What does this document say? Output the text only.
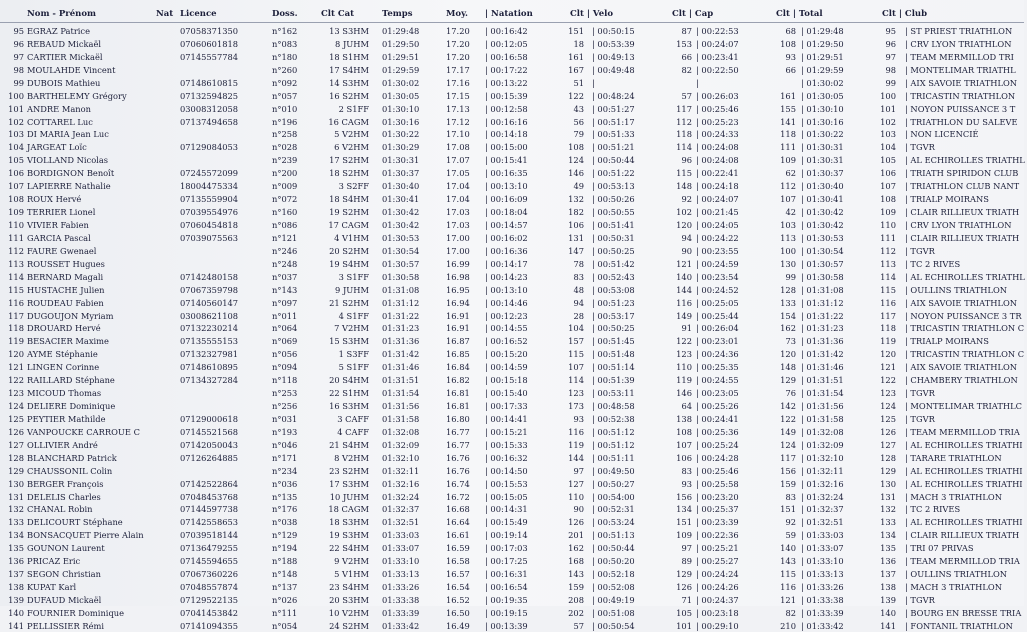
Nom - Prénom	Nat Licence	Doss.	Clt Cat	Temps	Moy.	| Natation	Clt | Velo	Clt | Cap	Clt | Total	Clt | Club
95 EGRAZ Patrice	07058371350	n°162	13 S3HM 01:29:48	17.20	| 00:16:42	151 | 00:50:15	87 | 00:22:53	68 | 01:29:48	95 | ST PRIEST TRIATHLON
96 REBAUD Mickaël	07060601818	n°083	8 JUHM 01:29:50	17.20	| 00:12:05	18 | 00:53:39	153 | 00:24:07	108 | 01:29:50	96 | CRV LYON TRIATHLON
97 CARTIER Mickaël	07145557784	n°180	18 S1HM 01:29:51	17.20	| 00:16:58	161 | 00:49:13	66 | 00:23:41	93 | 01:29:51	97 | TEAM MERMILLOD TRI
98 MOULAHDE Vincent	n°260	17 S4HM 01:29:59	17.17	| 00:17:22	167 | 00:49:48	82 | 00:22:50	66 | 01:29:59	98 | MONTELIMAR TRIATHL
99 DUBOIS Mathieu	07148610815	n°092	14 S3HM 01:30:02	17.16	| 00:13:22	51 |	|	| 01:30:02	99 | AIX SAVOIE TRIATHLON
100 BARTHELEMY Grégory	07132594825	n°057	16 S2HM 01:30:05	17.15	| 00:15:39	122 | 00:48:24	57 | 00:26:03	161 | 01:30:05	100 | TRICASTIN TRIATHLON
101 ANDRE Manon	03008312058	n°010	2 S1FF 01:30:10	17.13	| 00:12:58	43 | 00:51:27	117 | 00:25:46	155 | 01:30:10	101 | NOYON PUISSANCE 3 T
102 COTTAREL Luc	07137494658	n°196	16 CAGM 01:30:16	17.12	| 00:16:16	56 | 00:51:17	112 | 00:25:23	141 | 01:30:16	102 | TRIATHLON DU SALEVE
103 DI MARIA Jean Luc	n°258	5 V2HM 01:30:22	17.10	| 00:14:18	79 | 00:51:33	118 | 00:24:33	118 | 01:30:22	103 | NON LICENCIÉ
104 JARGEAT Loïc	07129084053	n°028	6 V2HM 01:30:29	17.08	| 00:15:00	108 | 00:51:21	114 | 00:24:08	111 | 01:30:31	104 | TGVR
105 VIOLLAND Nicolas	n°239	17 S2HM 01:30:31	17.07	| 00:15:41	124 | 00:50:44	96 | 00:24:08	109 | 01:30:31	105 | AL ECHIROLLES TRIATHL
106 BORDIGNON Benoît	07245572099	n°200	18 S2HM 01:30:37	17.05	| 00:16:35	146 | 00:51:22	115 | 00:22:41	62 | 01:30:37	106 | TRIATH SPIRIDON CLUB
107 LAPIERRE Nathalie	18004475334	n°009	3 S2FF 01:30:40	17.04	| 00:13:10	49 | 00:53:13	148 | 00:24:18	112 | 01:30:40	107 | TRIATHLON CLUB NANT
108 ROUX Hervé	07135559904	n°072	18 S4HM 01:30:41	17.04	| 00:16:09	132 | 00:50:26	92 | 00:24:07	107 | 01:30:41	108 | TRIALP MOIRANS
109 TERRIER Lionel	07039554976	n°160	19 S2HM 01:30:42	17.03	| 00:18:04	182 | 00:50:55	102 | 00:21:45	42 | 01:30:42	109 | CLAIR RILLIEUX TRIATH
110 VIVIER Fabien	07060454818	n°086	17 CAGM 01:30:42	17.03	| 00:14:57	106 | 00:51:41	120 | 00:24:05	103 | 01:30:42	110 | CRV LYON TRIATHLON
111 GARCIA Pascal	07039075563	n°121	4 V1HM 01:30:53	17.00	| 00:16:02	131 | 00:50:31	94 | 00:24:22	113 | 01:30:53	111 | CLAIR RILLIEUX TRIATH
112 FAURE Gwenael	n°246	20 S2HM 01:30:54	17.00	| 00:16:36	147 | 00:50:25	90 | 00:23:55	100 | 01:30:54	112 | TGVR
113 ROUSSET Hugues	n°248	19 S4HM 01:30:57	16.99	| 00:14:17	78 | 00:51:42	121 | 00:24:59	130 | 01:30:57	113 | TC 2 RIVES
114 BERNARD Magali	07142480158	n°037	3 S1FF 01:30:58	16.98	| 00:14:23	83 | 00:52:43	140 | 00:23:54	99 | 01:30:58	114 | AL ECHIROLLES TRIATHL
115 HUSTACHE Julien	07067359798	n°143	9 JUHM 01:31:08	16.95	| 00:13:10	48 | 00:53:08	144 | 00:24:52	128 | 01:31:08	115 | OULLINS TRIATHLON
116 ROUDEAU Fabien	07140560147	n°097	21 S2HM 01:31:12	16.94	| 00:14:46	94 | 00:51:23	116 | 00:25:05	133 | 01:31:12	116 | AIX SAVOIE TRIATHLON
117 DUGOUJON Myriam	03008621108	n°011	4 S1FF 01:31:22	16.91	| 00:12:23	28 | 00:53:17	149 | 00:25:44	154 | 01:31:22	117 | NOYON PUISSANCE 3 TR
118 DROUARD Hervé	07132230214	n°064	7 V2HM 01:31:23	16.91	| 00:14:55	104 | 00:50:25	91 | 00:26:04	162 | 01:31:23	118 | TRICASTIN TRIATHLON C
119 BESACIER Maxime	07135555153	n°069	15 S3HM 01:31:36	16.87	| 00:16:52	157 | 00:51:45	122 | 00:23:01	73 | 01:31:36	119 | TRIALP MOIRANS
120 AYME Stéphanie	07132327981	n°056	1 S3FF 01:31:42	16.85	| 00:15:20	115 | 00:51:48	123 | 00:24:36	120 | 01:31:42	120 | TRICASTIN TRIATHLON C
121 LINGEN Corinne	07148610895	n°094	5 S1FF 01:31:46	16.84	| 00:14:59	107 | 00:51:14	110 | 00:25:35	148 | 01:31:46	121 | AIX SAVOIE TRIATHLON
122 RAILLARD Stéphane	07134327284	n°118	20 S4HM 01:31:51	16.82	| 00:15:18	114 | 00:51:39	119 | 00:24:55	129 | 01:31:51	122 | CHAMBERY TRIATHLON
123 MICOUD Thomas	n°253	22 S1HM 01:31:54	16.81	| 00:15:40	123 | 00:53:11	146 | 00:23:05	76 | 01:31:54	123 | TGVR
124 DELIERE Dominique	n°256	16 S3HM 01:31:56	16.81	| 00:17:33	173 | 00:48:58	64 | 00:25:26	142 | 01:31:56	124 | MONTELIMAR TRIATHLC
125 PEYTIER Mathilde	07129000618	n°031	3 CAFF 01:31:58	16.80	| 00:14:41	93 | 00:52:38	138 | 00:24:41	122 | 01:31:58	125 | TGVR
126 VANPOUCKE CARROUE C	07145521568	n°193	4 CAFF 01:32:08	16.77	| 00:15:21	116 | 00:51:12	108 | 00:25:36	149 | 01:32:08	126 | TEAM MERMILLOD TRIA
127 OLLIVIER André	07142050043	n°046	21 S4HM 01:32:09	16.77	| 00:15:33	119 | 00:51:12	107 | 00:25:24	124 | 01:32:09	127 | AL ECHIROLLES TRIATHI
128 BLANCHARD Patrick	07126264885	n°171	8 V2HM 01:32:10	16.76	| 00:16:32	144 | 00:51:11	106 | 00:24:28	117 | 01:32:10	128 | TARARE TRIATHLON
129 CHAUSSONIL Colin	n°234	23 S2HM 01:32:11	16.76	| 00:14:50	97 | 00:49:50	83 | 00:25:46	156 | 01:32:11	129 | AL ECHIROLLES TRIATHI
130 BERGER François	07142522864	n°036	17 S3HM 01:32:16	16.74	| 00:15:53	127 | 00:50:27	93 | 00:25:58	159 | 01:32:16	130 | AL ECHIROLLES TRIATHI
131 DELELIS Charles	07048453768	n°135	10 JUHM 01:32:24	16.72	| 00:15:05	110 | 00:54:00	156 | 00:23:20	83 | 01:32:24	131 | MACH 3 TRIATHLON
132 CHANAL Robin	07144597738	n°176	18 CAGM 01:32:37	16.68	| 00:14:31	90 | 00:52:31	134 | 00:25:37	151 | 01:32:37	132 | TC 2 RIVES
133 DELICOURT Stéphane	07142558653	n°038	18 S3HM 01:32:51	16.64	| 00:15:49	126 | 00:53:24	151 | 00:23:39	92 | 01:32:51	133 | AL ECHIROLLES TRIATHI
134 BONSACQUET Pierre Alain	07039518144	n°129	19 S3HM 01:33:03	16.61	| 00:19:14	201 | 00:51:13	109 | 00:22:36	59 | 01:33:03	134 | CLAIR RILLIEUX TRIATH
135 GOUNON Laurent	07136479255	n°194	22 S4HM 01:33:07	16.59	| 00:17:03	162 | 00:50:44	97 | 00:25:21	140 | 01:33:07	135 | TRI 07 PRIVAS
136 PRICAZ Eric	07145594655	n°188	9 V2HM 01:33:10	16.58	| 00:17:25	168 | 00:50:20	89 | 00:25:27	143 | 01:33:10	136 | TEAM MERMILLOD TRIA
137 SEGON Christian	07067360226	n°148	5 V1HM 01:33:13	16.57	| 00:16:31	143 | 00:52:18	129 | 00:24:24	115 | 01:33:13	137 | OULLINS TRIATHLON
138 KUPAT Karl	07048557874	n°137	23 S4HM 01:33:26	16.54	| 00:16:54	159 | 00:52:08	126 | 00:24:26	116 | 01:33:26	138 | MACH 3 TRIATHLON
139 DUFAUD Mickaël	07129522135	n°026	20 S3HM 01:33:38	16.52	| 00:19:35	208 | 00:49:19	71 | 00:24:37	121 | 01:33:38	139 | TGVR
140 FOURNIER Dominique	07041453842	n°111	10 V2HM 01:33:39	16.50	| 00:19:15	202 | 00:51:08	105 | 00:23:18	82 | 01:33:39	140 | BOURG EN BRESSE TRIA
141 PELLISSIER Rémi	07141094355	n°054	24 S2HM 01:33:42	16.49	| 00:13:39	57 | 00:50:54	101 | 00:29:10	210 | 01:33:42	141 | FONTANIL TRIATHLON
